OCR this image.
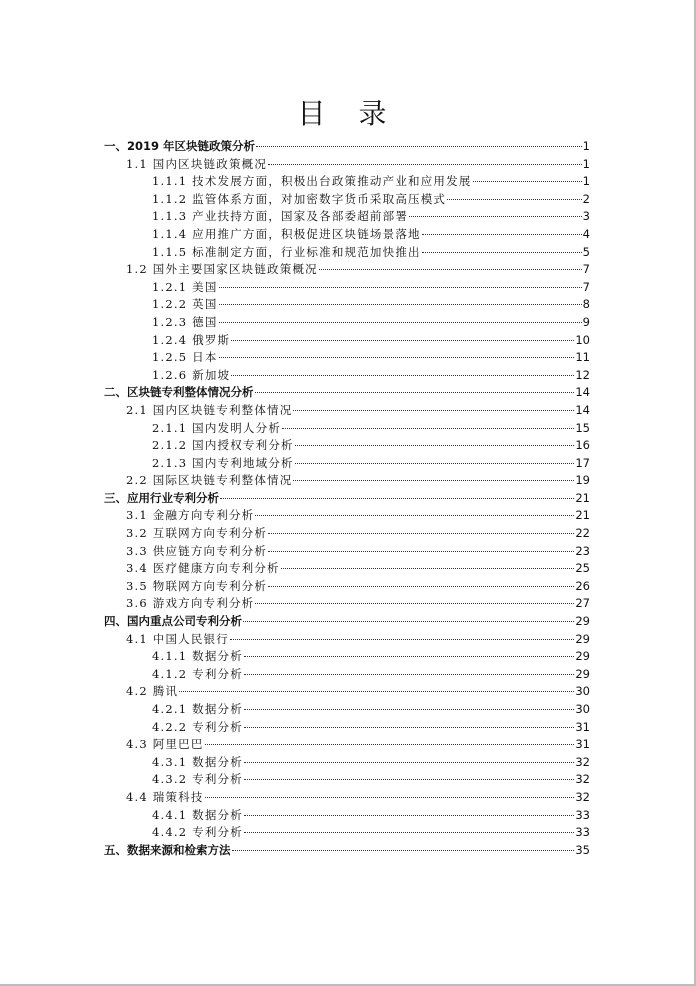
目 录
一、2019 年区块链政策分析	1
1.1 国内区块链政策概况	1
1.1.1 技术发展方面，积极出台政策推动产业和应用发展	1
1.1.2 监管体系方面，对加密数字货币采取高压模式	2
1.1.3 产业扶持方面，国家及各部委超前部署	3
1.1.4 应用推广方面，积极促进区块链场景落地	4
1.1.5 标准制定方面，行业标准和规范加快推出	5
1.2 国外主要国家区块链政策概况	7
1.2.1 美国	7
1.2.2 英国	8
1.2.3 德国	9
1.2.4 俄罗斯	10
1.2.5 日本	11
1.2.6 新加坡	12
二、区块链专利整体情况分析	14
2.1 国内区块链专利整体情况	14
2.1.1 国内发明人分析	15
2.1.2 国内授权专利分析	16
2.1.3 国内专利地域分析	17
2.2 国际区块链专利整体情况	19
三、应用行业专利分析	21
3.1 金融方向专利分析	21
3.2 互联网方向专利分析	22
3.3 供应链方向专利分析	23
3.4 医疗健康方向专利分析	25
3.5 物联网方向专利分析	26
3.6 游戏方向专利分析	27
四、国内重点公司专利分析	29
4.1 中国人民银行	29
4.1.1 数据分析	29
4.1.2 专利分析	29
4.2 腾讯	30
4.2.1 数据分析	30
4.2.2 专利分析	31
4.3 阿里巴巴	31
4.3.1 数据分析	32
4.3.2 专利分析	32
4.4 瑞策科技	32
4.4.1 数据分析	33
4.4.2 专利分析	33
五、数据来源和检索方法	35
